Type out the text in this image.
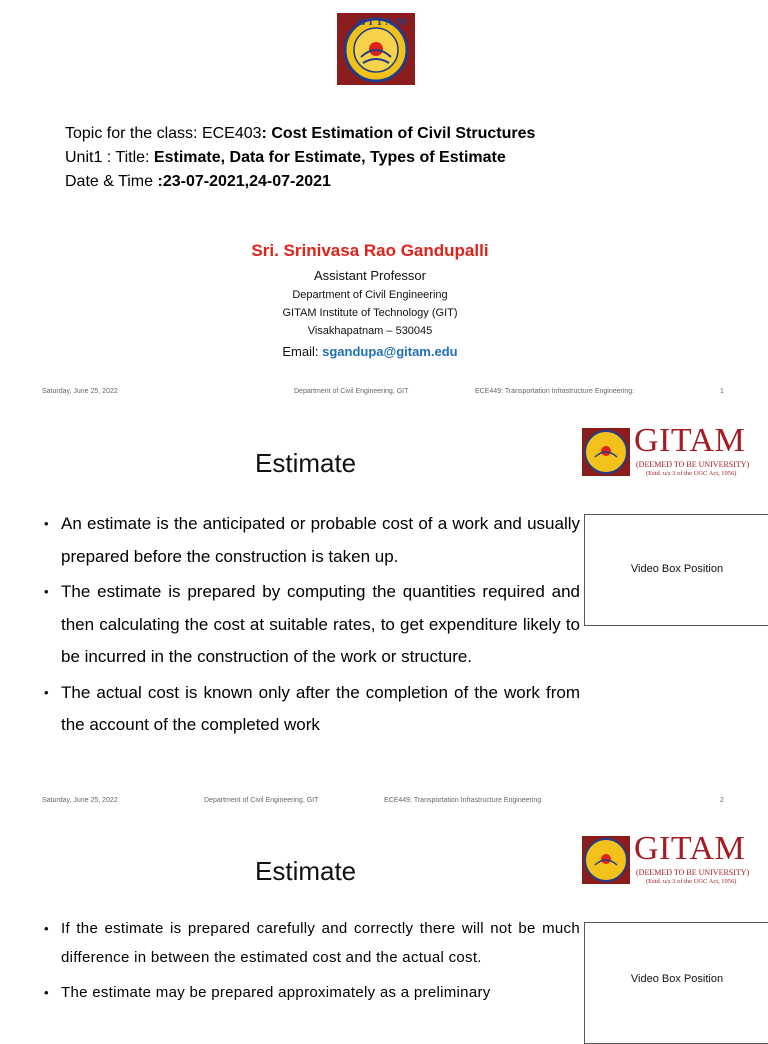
GITAM
Topic for the class: ECE403: Cost Estimation of Civil Structures
Unit1 : Title: Estimate, Data for Estimate, Types of Estimate
Date & Time :23-07-2021,24-07-2021
Sri. Srinivasa Rao Gandupalli
Assistant Professor
Department of Civil Engineering
GITAM Institute of Technology (GIT)
Visakhapatnam – 530045
Email: sgandupa@gitam.edu
Saturday, June 25, 2022	Department of Civil Engineering, GIT	ECE449: Transportation Infrastructure Engineering:	1
Estimate
GITAM
(DEEMED TO BE UNIVERSITY)
(Estd. u/s 3 of the UGC Act, 1956)
• An estimate is the anticipated or probable cost of a work and usually prepared before the construction is taken up.
• The estimate is prepared by computing the quantities required and then calculating the cost at suitable rates, to get expenditure likely to be incurred in the construction of the work or structure.
• The actual cost is known only after the completion of the work from the account of the completed work
Video Box Position
Saturday, June 25, 2022	Department of Civil Engineering, GIT	ECE449: Transportation Infrastructure Engineering	2
Estimate
GITAM
(DEEMED TO BE UNIVERSITY)
(Estd. u/s 3 of the UGC Act, 1956)
• If the estimate is prepared carefully and correctly there will not be much difference in between the estimated cost and the actual cost.
• The estimate may be prepared approximately as a preliminary
Video Box Position
